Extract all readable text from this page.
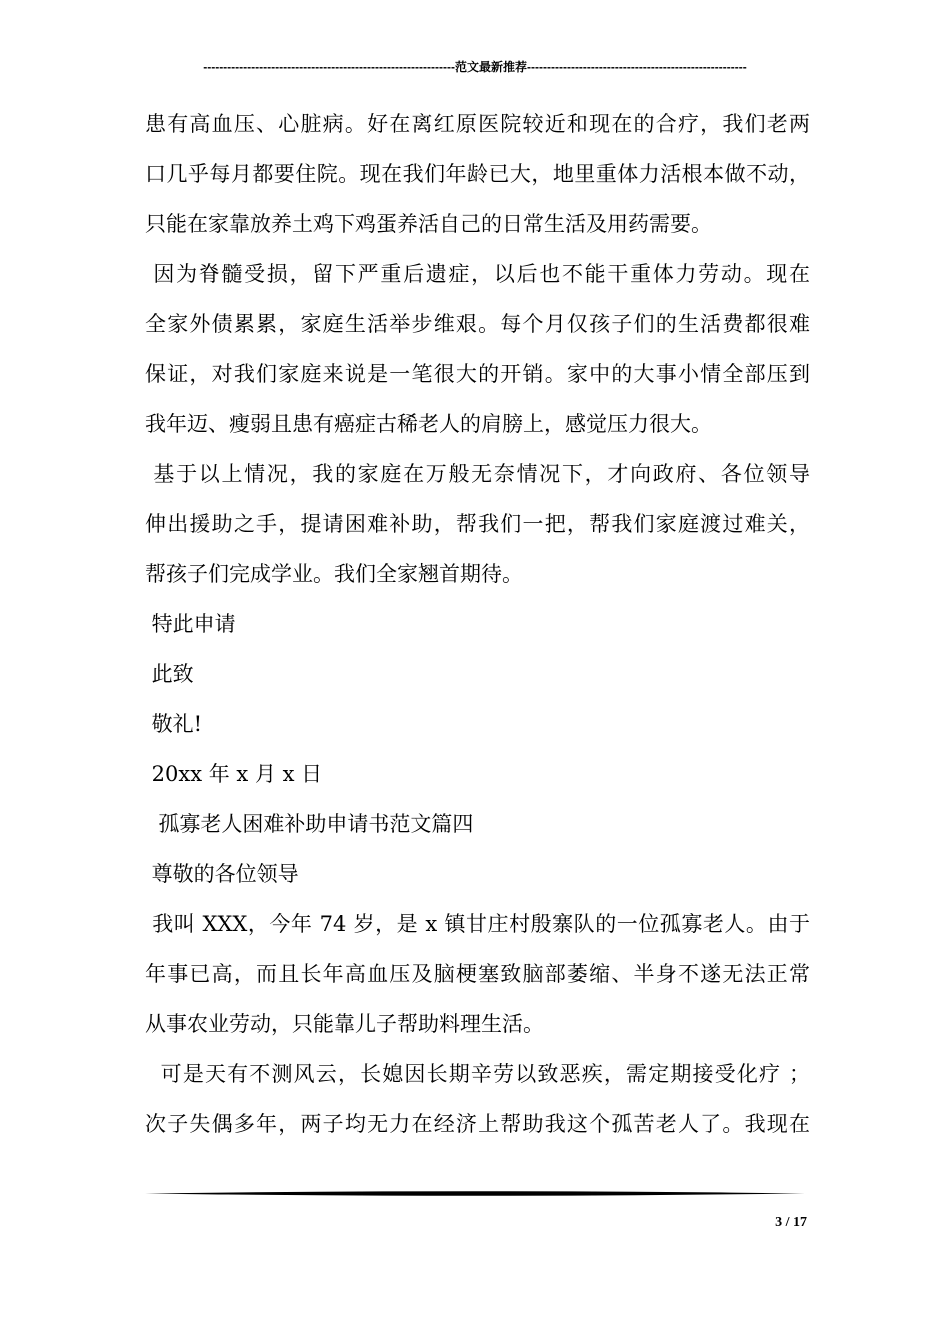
---------------------------------------------------------------范文最新推荐-------------------------------------------------------
患有高血压、心脏病。好在离红原医院较近和现在的合疗，我们老两
口几乎每月都要住院。现在我们年龄已大，地里重体力活根本做不动，
只能在家靠放养土鸡下鸡蛋养活自己的日常生活及用药需要。
因为脊髓受损，留下严重后遗症，以后也不能干重体力劳动。现在
全家外债累累，家庭生活举步维艰。每个月仅孩子们的生活费都很难
保证，对我们家庭来说是一笔很大的开销。家中的大事小情全部压到
我年迈、瘦弱且患有癌症古稀老人的肩膀上，感觉压力很大。
基于以上情况，我的家庭在万般无奈情况下，才向政府、各位领导
伸出援助之手，提请困难补助，帮我们一把，帮我们家庭渡过难关，
帮孩子们完成学业。我们全家翘首期待。
特此申请
此致
敬礼!
20xx 年 x 月 x 日
孤寡老人困难补助申请书范文篇四
尊敬的各位领导
我叫 XXX，今年 74 岁，是 x 镇甘庄村殷寨队的一位孤寡老人。由于
年事已高，而且长年高血压及脑梗塞致脑部萎缩、半身不遂无法正常
从事农业劳动，只能靠儿子帮助料理生活。
可是天有不测风云，长媳因长期辛劳以致恶疾，需定期接受化疗 ；
次子失偶多年，两子均无力在经济上帮助我这个孤苦老人了。我现在
3 / 17
